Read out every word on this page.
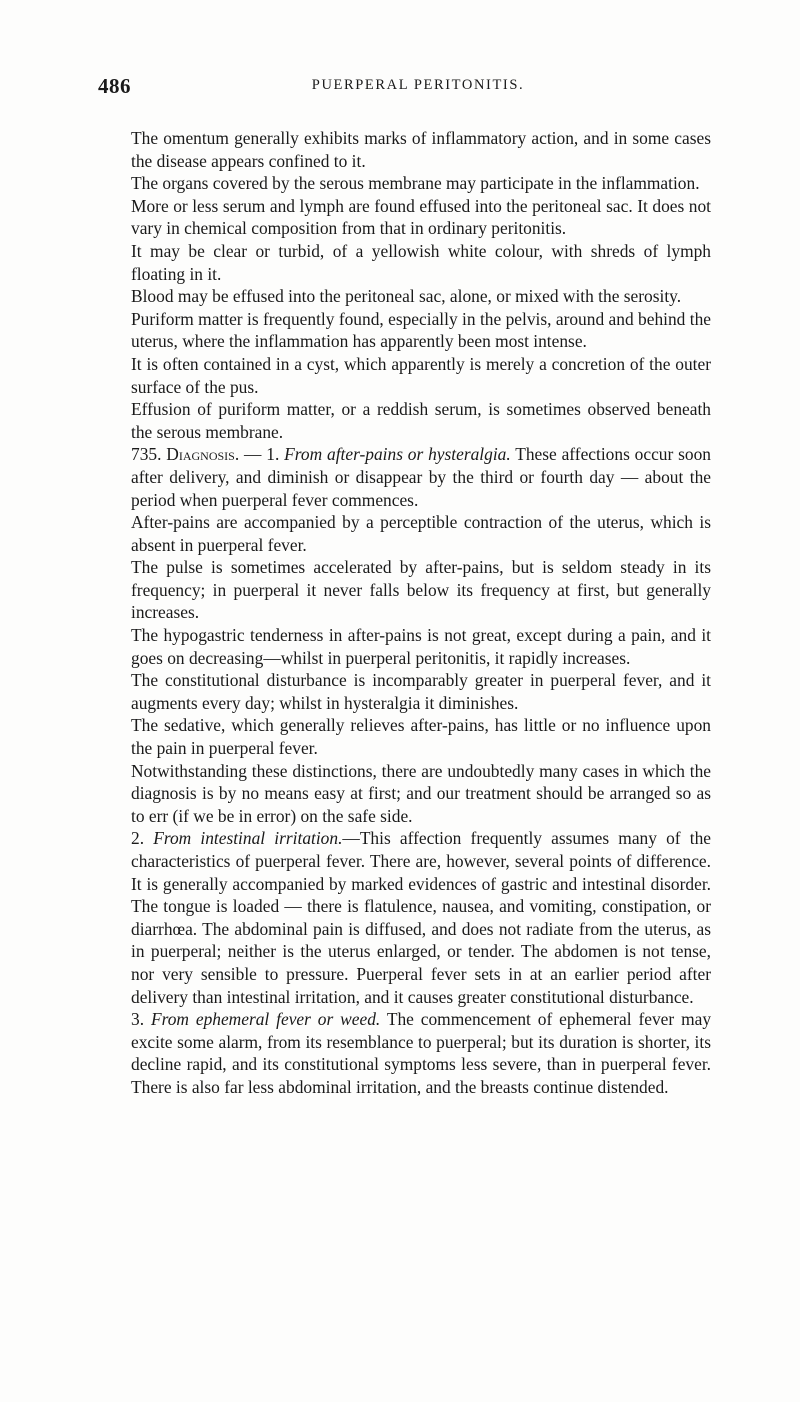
486	PUERPERAL PERITONITIS.

The omentum generally exhibits marks of inflammatory action, and in some cases the disease appears confined to it.

The organs covered by the serous membrane may participate in the inflammation.

More or less serum and lymph are found effused into the peritoneal sac. It does not vary in chemical composition from that in ordinary peritonitis.

It may be clear or turbid, of a yellowish white colour, with shreds of lymph floating in it.

Blood may be effused into the peritoneal sac, alone, or mixed with the serosity.

Puriform matter is frequently found, especially in the pelvis, around and behind the uterus, where the inflammation has apparently been most intense.

It is often contained in a cyst, which apparently is merely a concretion of the outer surface of the pus.

Effusion of puriform matter, or a reddish serum, is sometimes observed beneath the serous membrane.

735. Diagnosis. — 1. From after-pains or hysteralgia. These affections occur soon after delivery, and diminish or disappear by the third or fourth day — about the period when puerperal fever commences.

After-pains are accompanied by a perceptible contraction of the uterus, which is absent in puerperal fever.

The pulse is sometimes accelerated by after-pains, but is seldom steady in its frequency; in puerperal it never falls below its frequency at first, but generally increases.

The hypogastric tenderness in after-pains is not great, except during a pain, and it goes on decreasing—whilst in puerperal peritonitis, it rapidly increases.

The constitutional disturbance is incomparably greater in puerperal fever, and it augments every day; whilst in hysteralgia it diminishes.

The sedative, which generally relieves after-pains, has little or no influence upon the pain in puerperal fever.

Notwithstanding these distinctions, there are undoubtedly many cases in which the diagnosis is by no means easy at first; and our treatment should be arranged so as to err (if we be in error) on the safe side.

2. From intestinal irritation.—This affection frequently assumes many of the characteristics of puerperal fever. There are, however, several points of difference. It is generally accompanied by marked evidences of gastric and intestinal disorder. The tongue is loaded — there is flatulence, nausea, and vomiting, constipation, or diarrhœa. The abdominal pain is diffused, and does not radiate from the uterus, as in puerperal; neither is the uterus enlarged, or tender. The abdomen is not tense, nor very sensible to pressure. Puerperal fever sets in at an earlier period after delivery than intestinal irritation, and it causes greater constitutional disturbance.

3. From ephemeral fever or weed. The commencement of ephemeral fever may excite some alarm, from its resemblance to puerperal; but its duration is shorter, its decline rapid, and its constitutional symptoms less severe, than in puerperal fever. There is also far less abdominal irritation, and the breasts continue distended.
